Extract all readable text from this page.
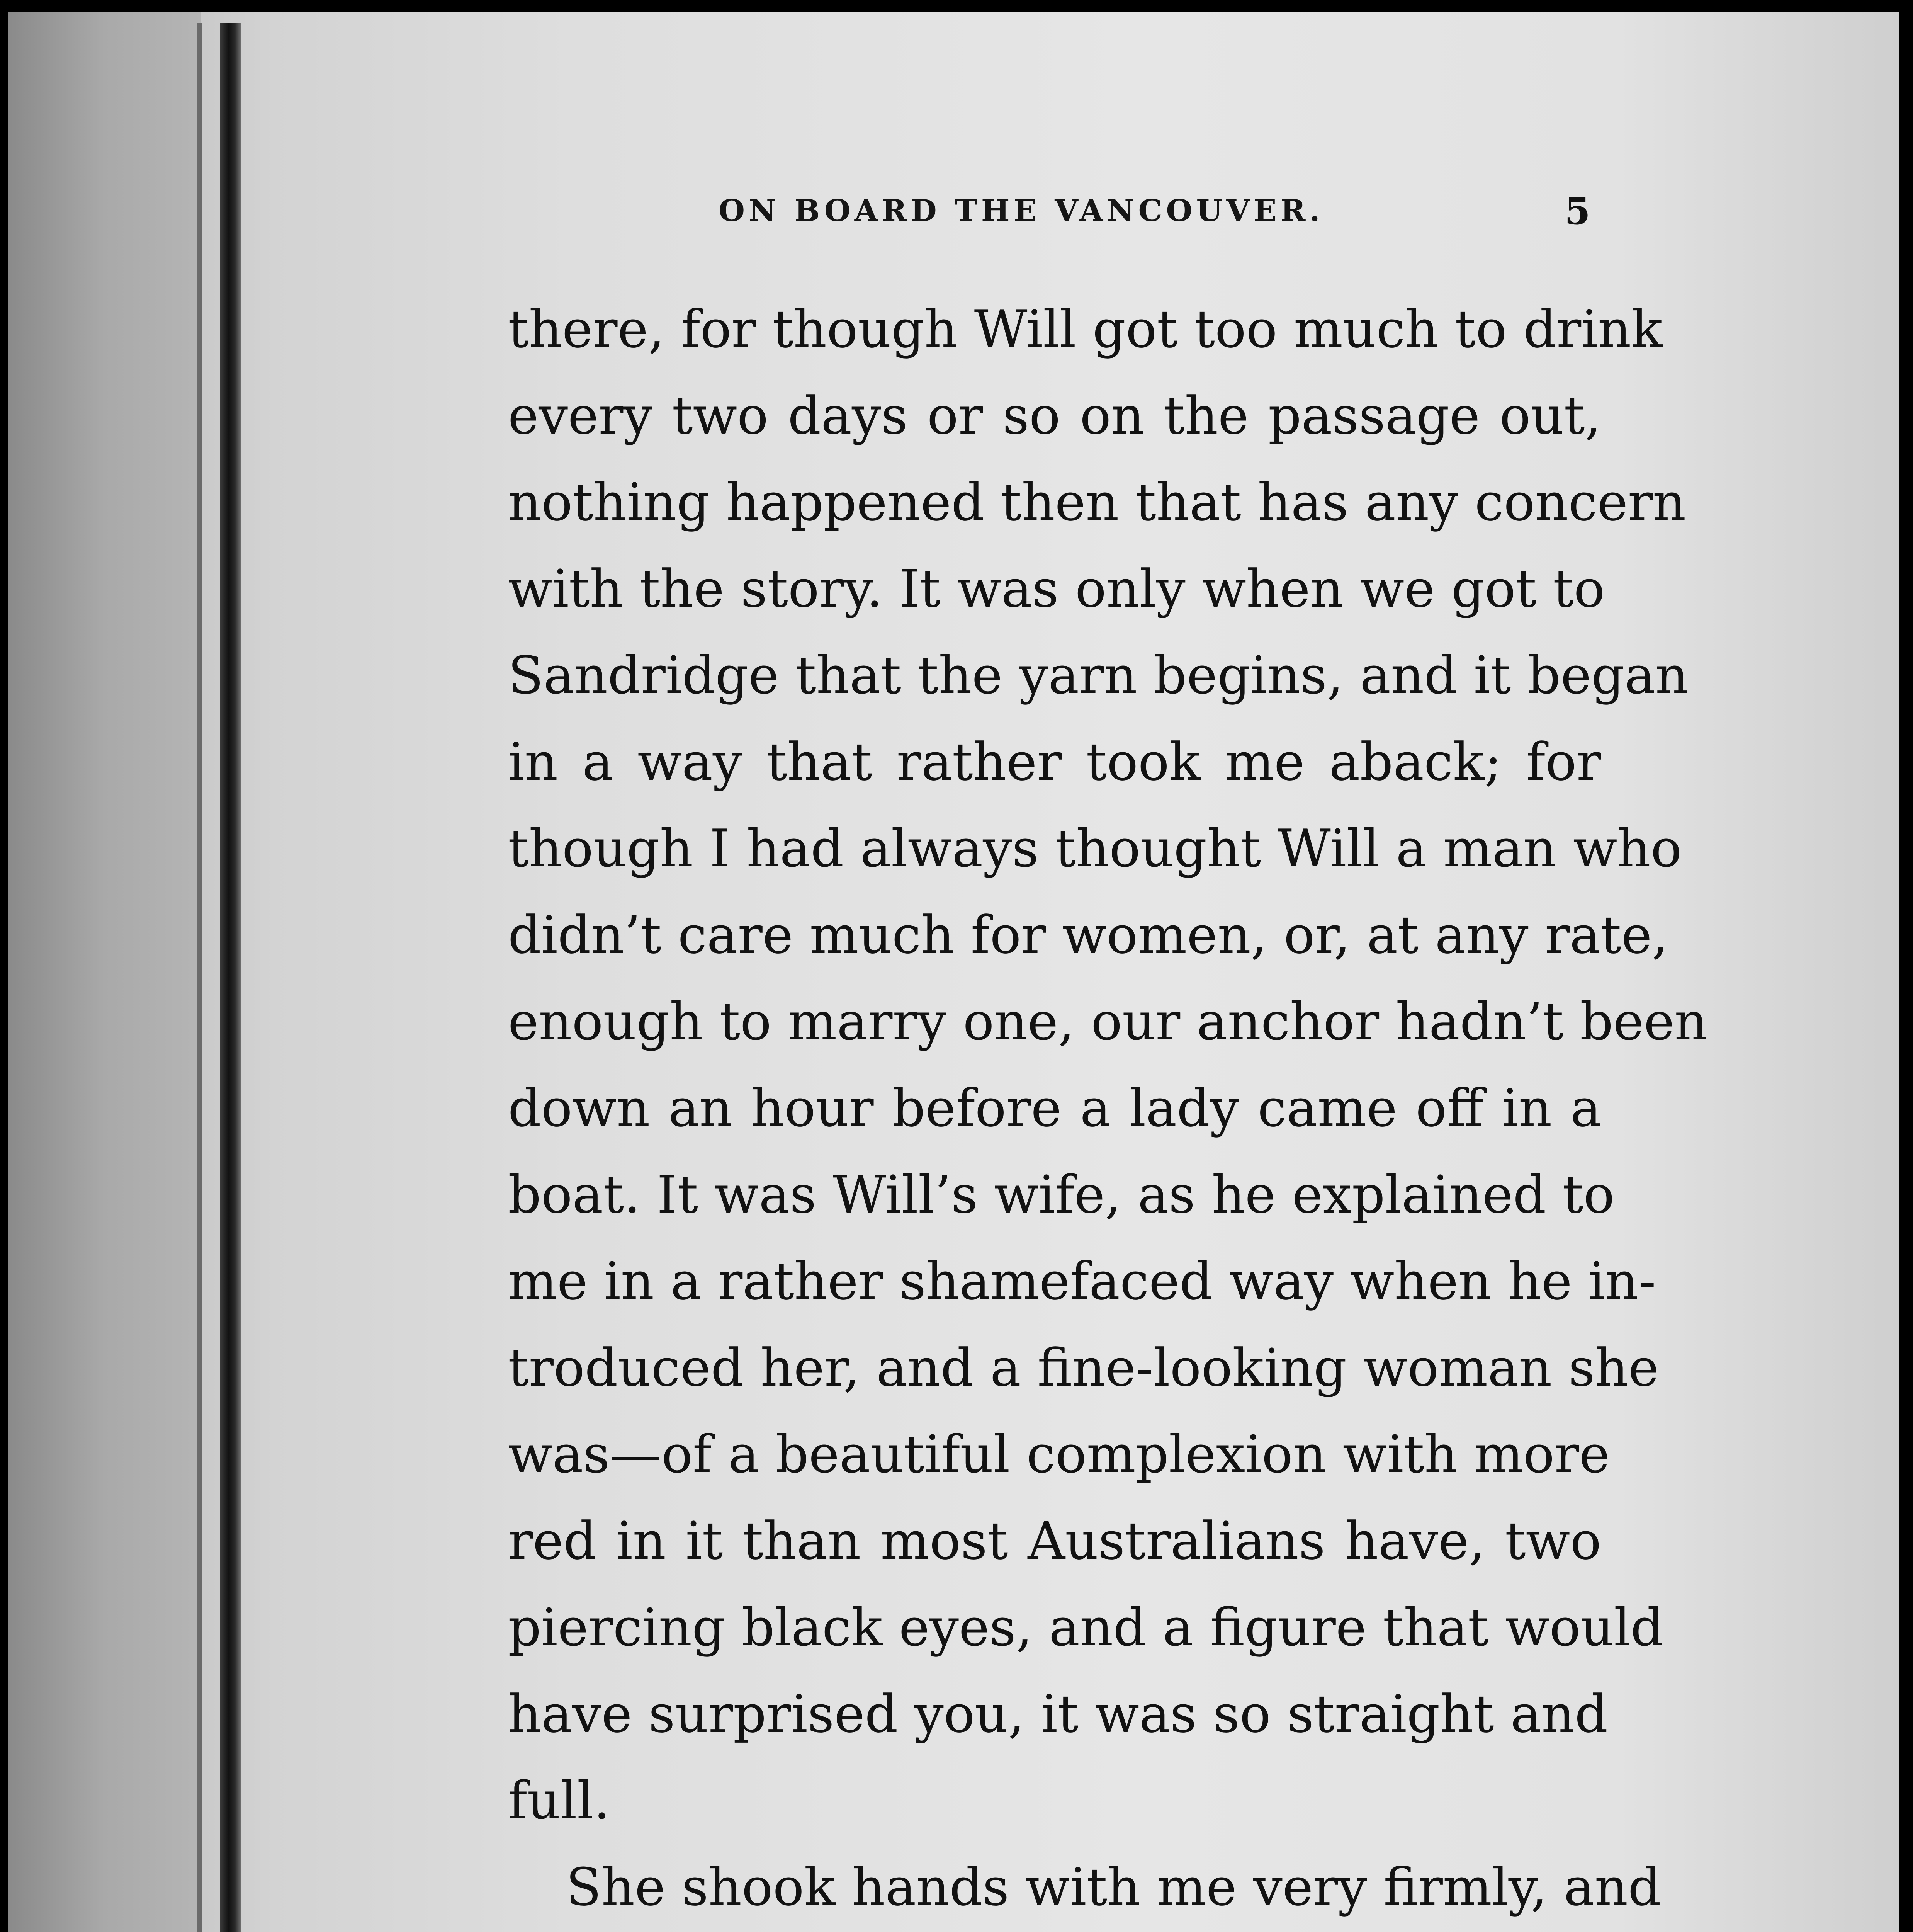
ON BOARD THE VANCOUVER.	5
there, for though Will got too much to drink
every two days or so on the passage out,
nothing happened then that has any concern
with the story. It was only when we got to
Sandridge that the yarn begins, and it began
in a way that rather took me aback; for
though I had always thought Will a man who
didn’t care much for women, or, at any rate,
enough to marry one, our anchor hadn’t been
down an hour before a lady came off in a
boat. It was Will’s wife, as he explained to
me in a rather shamefaced way when he in-
troduced her, and a fine-looking woman she
was—of a beautiful complexion with more
red in it than most Australians have, two
piercing black eyes, and a figure that would
have surprised you, it was so straight and
full.
She shook hands with me very firmly, and
